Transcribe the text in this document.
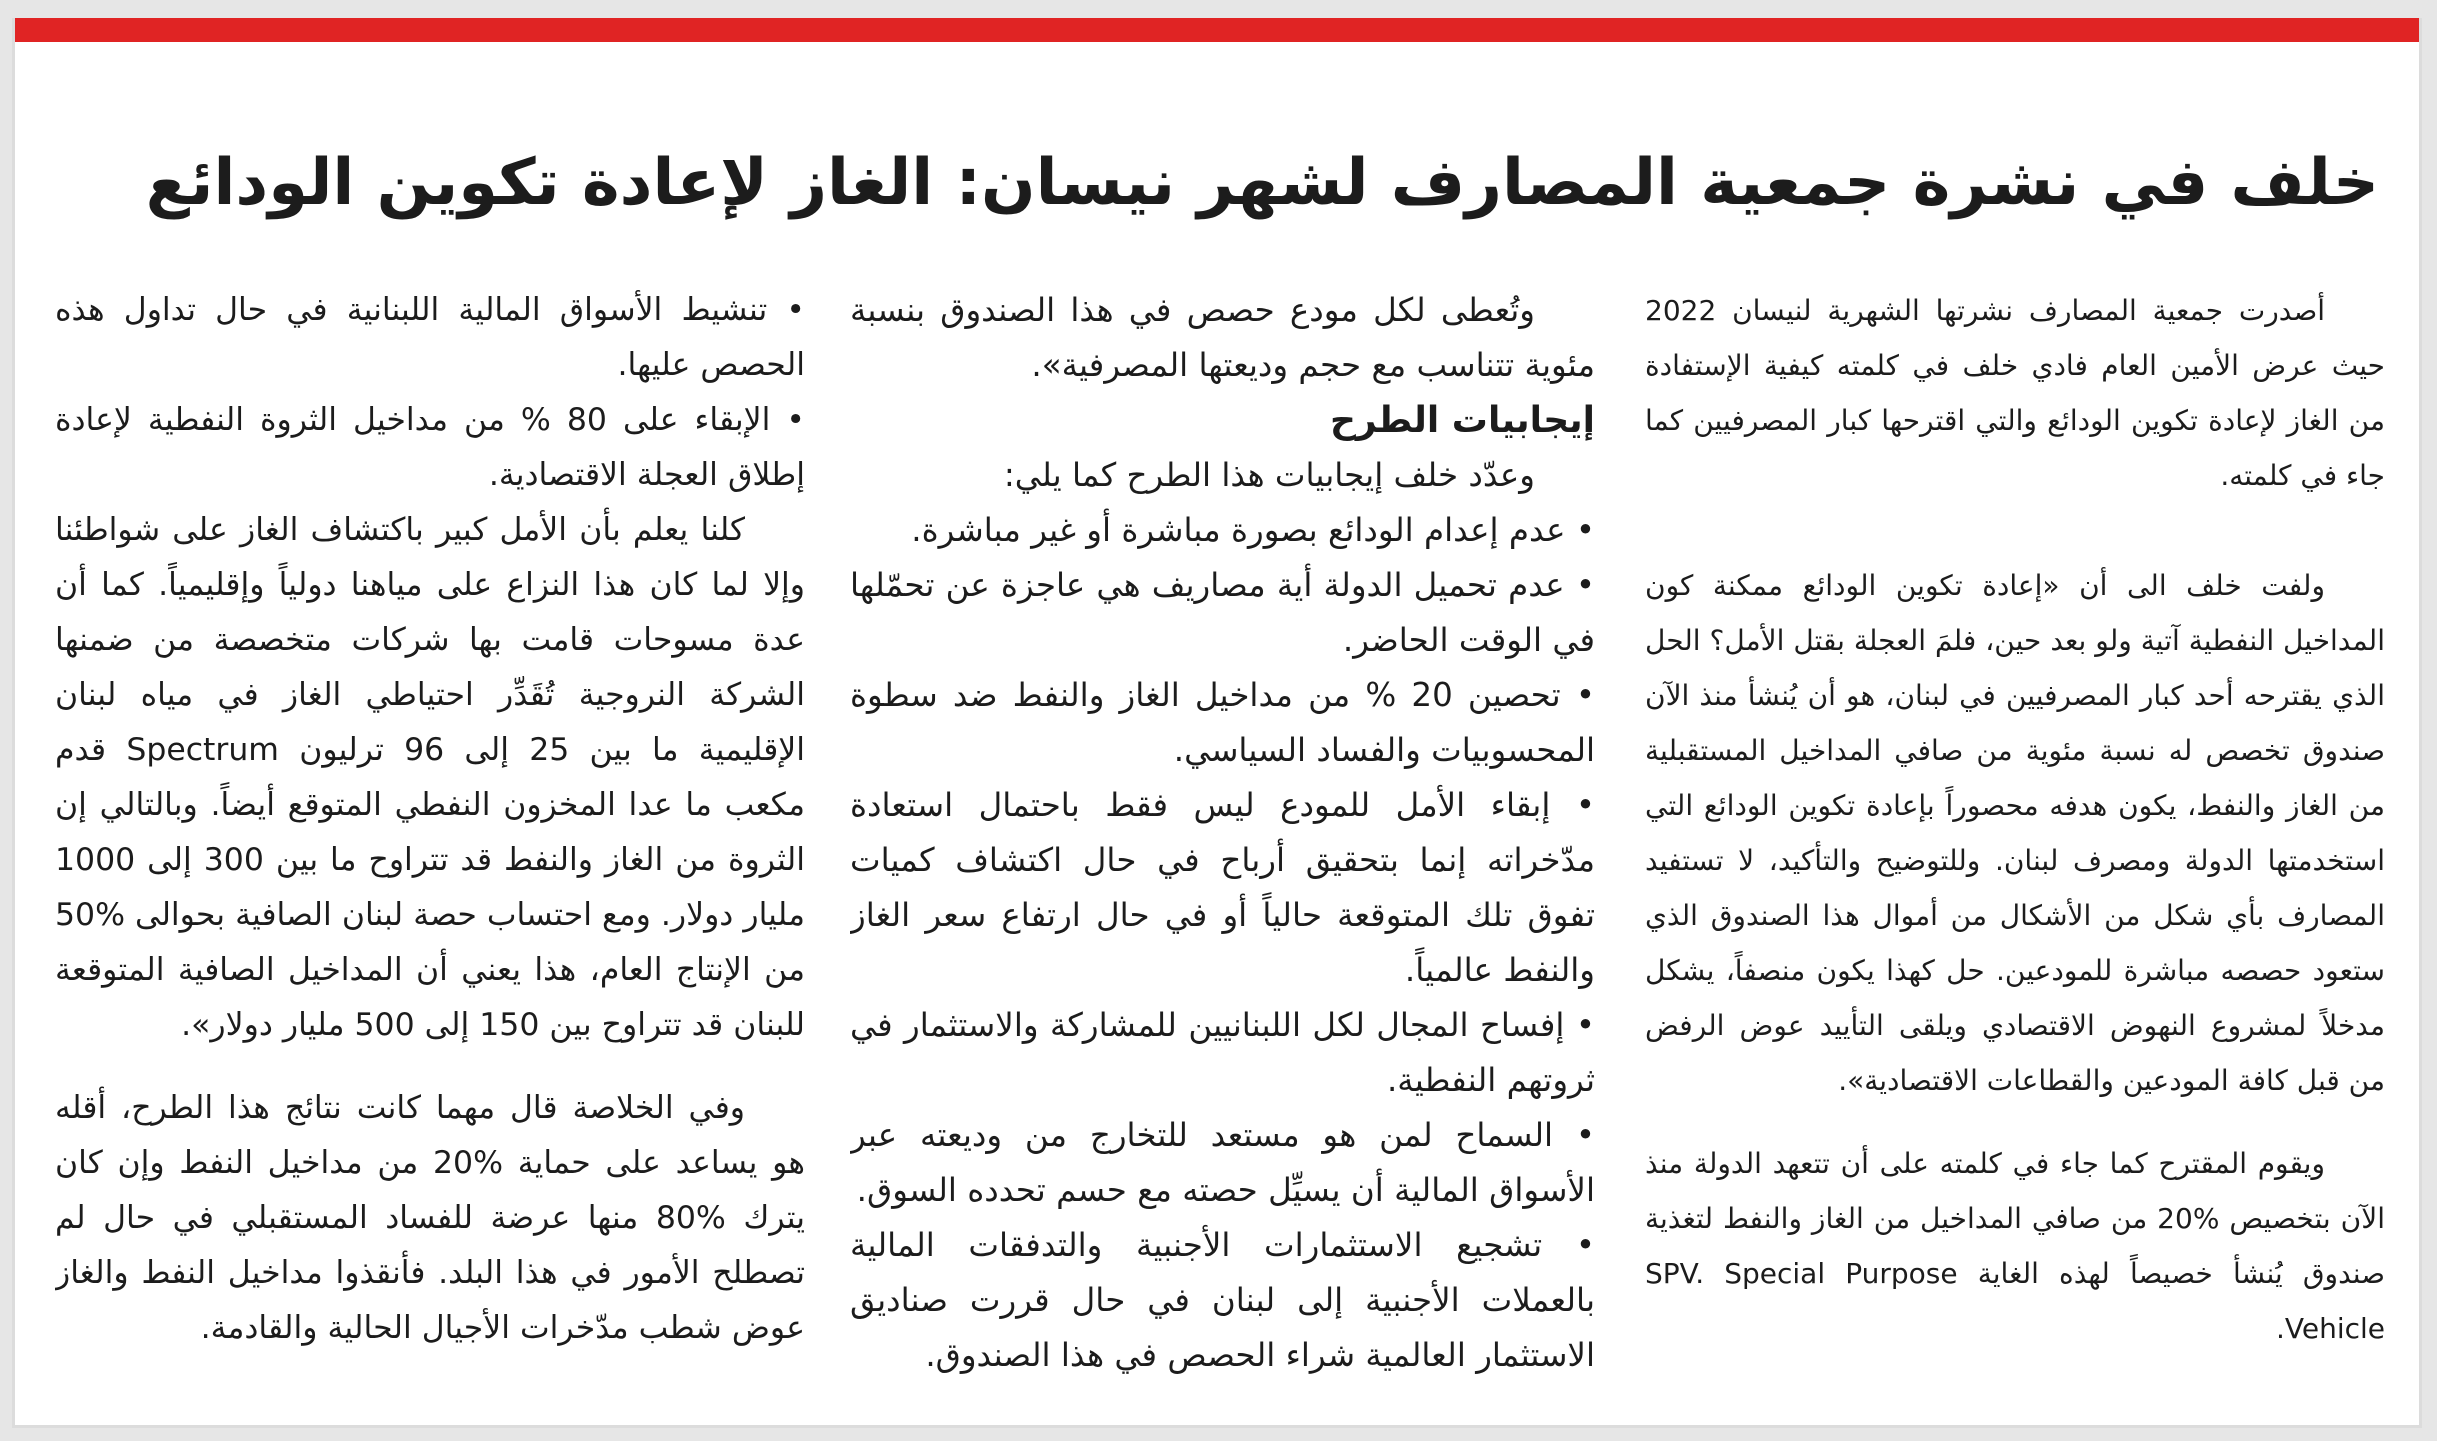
خلف في نشرة جمعية المصارف لشهر نيسان: الغاز لإعادة تكوين الودائع

أصدرت جمعية المصارف نشرتها الشهرية لنيسان 2022 حيث عرض الأمين العام فادي خلف في كلمته كيفية الإستفادة من الغاز لإعادة تكوين الودائع والتي اقترحها كبار المصرفيين كما جاء في كلمته.

ولفت خلف الى أن «إعادة تكوين الودائع ممكنة كون المداخيل النفطية آتية ولو بعد حين، فلمَ العجلة بقتل الأمل؟ الحل الذي يقترحه أحد كبار المصرفيين في لبنان، هو أن يُنشأ منذ الآن صندوق تخصص له نسبة مئوية من صافي المداخيل المستقبلية من الغاز والنفط، يكون هدفه محصوراً بإعادة تكوين الودائع التي استخدمتها الدولة ومصرف لبنان. وللتوضيح والتأكيد، لا تستفيد المصارف بأي شكل من الأشكال من أموال هذا الصندوق الذي ستعود حصصه مباشرة للمودعين. حل كهذا يكون منصفاً، يشكل مدخلاً لمشروع النهوض الاقتصادي ويلقى التأييد عوض الرفض من قبل كافة المودعين والقطاعات الاقتصادية».

ويقوم المقترح كما جاء في كلمته على أن تتعهد الدولة منذ الآن بتخصيص %20 من صافي المداخيل من الغاز والنفط لتغذية صندوق يُنشأ خصيصاً لهذه الغاية SPV. Special Purpose Vehicle.

وتُعطى لكل مودع حصص في هذا الصندوق بنسبة مئوية تتناسب مع حجم وديعتها المصرفية».

إيجابيات الطرح

وعدّد خلف إيجابيات هذا الطرح كما يلي:

• عدم إعدام الودائع بصورة مباشرة أو غير مباشرة.

• عدم تحميل الدولة أية مصاريف هي عاجزة عن تحمّلها في الوقت الحاضر.

• تحصين 20 % من مداخيل الغاز والنفط ضد سطوة المحسوبيات والفساد السياسي.

• إبقاء الأمل للمودع ليس فقط باحتمال استعادة مدّخراته إنما بتحقيق أرباح في حال اكتشاف كميات تفوق تلك المتوقعة حالياً أو في حال ارتفاع سعر الغاز والنفط عالمياً.

• إفساح المجال لكل اللبنانيين للمشاركة والاستثمار في ثروتهم النفطية.

• السماح لمن هو مستعد للتخارج من وديعته عبر الأسواق المالية أن يسيِّل حصته مع حسم تحدده السوق.

• تشجيع الاستثمارات الأجنبية والتدفقات المالية بالعملات الأجنبية إلى لبنان في حال قررت صناديق الاستثمار العالمية شراء الحصص في هذا الصندوق.

• تنشيط الأسواق المالية اللبنانية في حال تداول هذه الحصص عليها.

• الإبقاء على 80 % من مداخيل الثروة النفطية لإعادة إطلاق العجلة الاقتصادية.

كلنا يعلم بأن الأمل كبير باكتشاف الغاز على شواطئنا وإلا لما كان هذا النزاع على مياهنا دولياً وإقليمياً. كما أن عدة مسوحات قامت بها شركات متخصصة من ضمنها الشركة النروجية تُقَدِّر احتياطي الغاز في مياه لبنان الإقليمية ما بين 25 إلى 96 ترليون Spectrum قدم مكعب ما عدا المخزون النفطي المتوقع أيضاً. وبالتالي إن الثروة من الغاز والنفط قد تتراوح ما بين 300 إلى 1000 مليار دولار. ومع احتساب حصة لبنان الصافية بحوالى %50 من الإنتاج العام، هذا يعني أن المداخيل الصافية المتوقعة للبنان قد تتراوح بين 150 إلى 500 مليار دولار».

وفي الخلاصة قال مهما كانت نتائج هذا الطرح، أقله هو يساعد على حماية %20 من مداخيل النفط وإن كان يترك %80 منها عرضة للفساد المستقبلي في حال لم تصطلح الأمور في هذا البلد. فأنقذوا مداخيل النفط والغاز عوض شطب مدّخرات الأجيال الحالية والقادمة.
